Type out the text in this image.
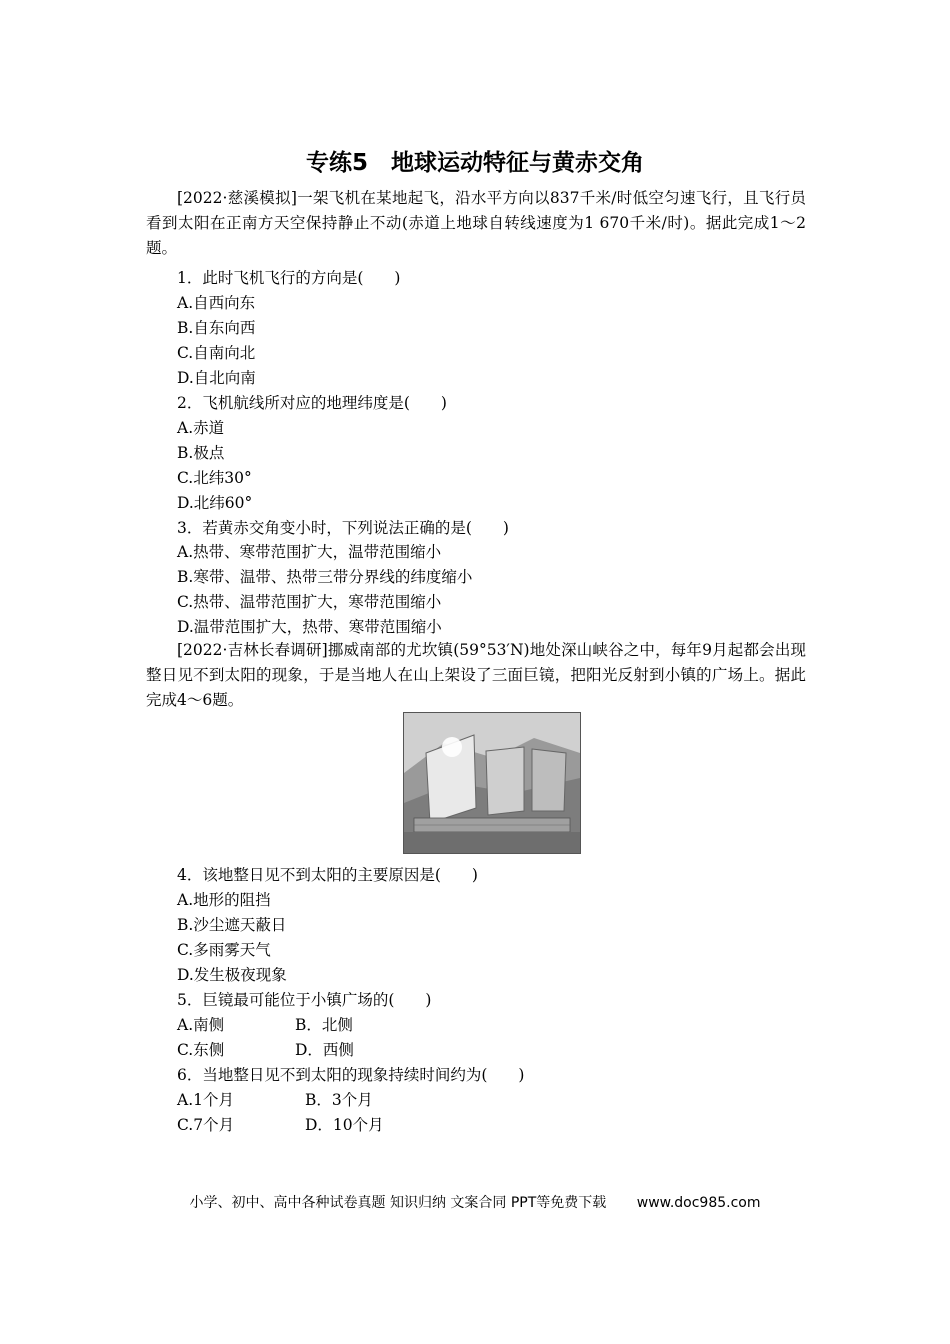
专练5　地球运动特征与黄赤交角
[2022·慈溪模拟]一架飞机在某地起飞，沿水平方向以837千米/时低空匀速飞行，且飞行员看到太阳在正南方天空保持静止不动(赤道上地球自转线速度为1 670千米/时)。据此完成1～2题。
1．此时飞机飞行的方向是(　　)
A.自西向东
B.自东向西
C.自南向北
D.自北向南
2．飞机航线所对应的地理纬度是(　　)
A.赤道
B.极点
C.北纬30°
D.北纬60°
3．若黄赤交角变小时，下列说法正确的是(　　)
A.热带、寒带范围扩大，温带范围缩小
B.寒带、温带、热带三带分界线的纬度缩小
C.热带、温带范围扩大，寒带范围缩小
D.温带范围扩大，热带、寒带范围缩小
[2022·吉林长春调研]挪威南部的尤坎镇(59°53′N)地处深山峡谷之中，每年9月起都会出现整日见不到太阳的现象，于是当地人在山上架设了三面巨镜，把阳光反射到小镇的广场上。据此完成4～6题。
4．该地整日见不到太阳的主要原因是(　　)
A.地形的阻挡
B.沙尘遮天蔽日
C.多雨雾天气
D.发生极夜现象
5．巨镜最可能位于小镇广场的(　　)
A.南侧	B．北侧
C.东侧	D．西侧
6．当地整日见不到太阳的现象持续时间约为(　　)
A.1个月	B．3个月
C.7个月	D．10个月
小学、初中、高中各种试卷真题 知识归纳 文案合同 PPT等免费下载 www.doc985.com
